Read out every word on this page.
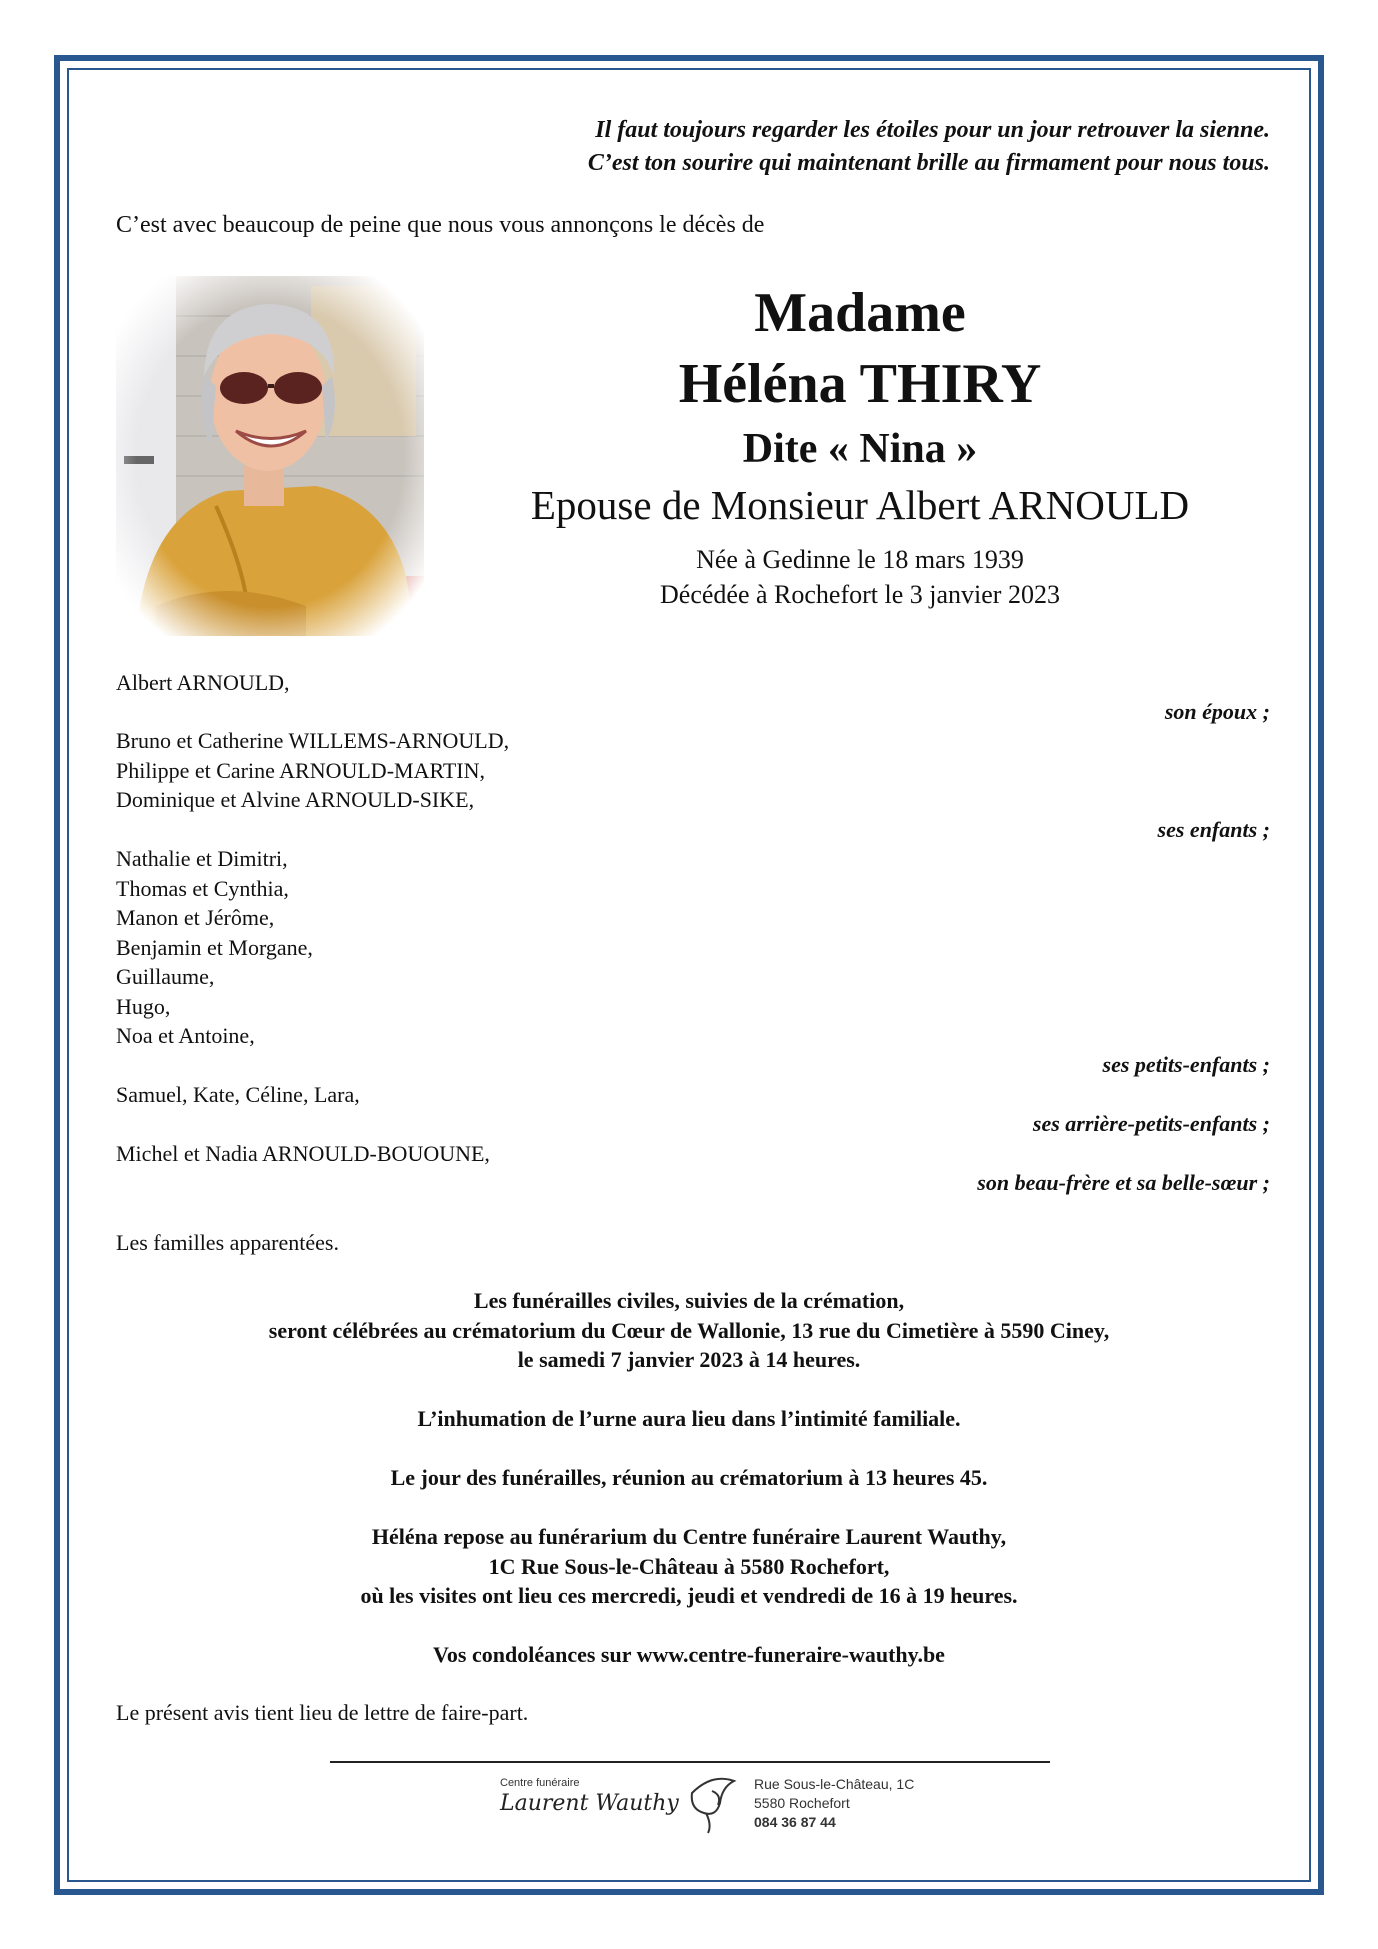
Il faut toujours regarder les étoiles pour un jour retrouver la sienne.
C’est ton sourire qui maintenant brille au firmament pour nous tous.
C’est avec beaucoup de peine que nous vous annonçons le décès de
Madame
Héléna THIRY
Dite « Nina »
Epouse de Monsieur Albert ARNOULD
Née à Gedinne le 18 mars 1939
Décédée à Rochefort le 3 janvier 2023
Albert ARNOULD,
son époux ;
Bruno et Catherine WILLEMS-ARNOULD,
Philippe et Carine ARNOULD-MARTIN,
Dominique et Alvine ARNOULD-SIKE,
ses enfants ;
Nathalie et Dimitri,
Thomas et Cynthia,
Manon et Jérôme,
Benjamin et Morgane,
Guillaume,
Hugo,
Noa et Antoine,
ses petits-enfants ;
Samuel, Kate, Céline, Lara,
ses arrière-petits-enfants ;
Michel et Nadia ARNOULD-BOUOUNE,
son beau-frère et sa belle-sœur ;
Les familles apparentées.
Les funérailles civiles, suivies de la crémation,
seront célébrées au crématorium du Cœur de Wallonie, 13 rue du Cimetière à 5590 Ciney,
le samedi 7 janvier 2023 à 14 heures.
L’inhumation de l’urne aura lieu dans l’intimité familiale.
Le jour des funérailles, réunion au crématorium à 13 heures 45.
Héléna repose au funérarium du Centre funéraire Laurent Wauthy,
1C Rue Sous-le-Château à 5580 Rochefort,
où les visites ont lieu ces mercredi, jeudi et vendredi de 16 à 19 heures.
Vos condoléances sur www.centre-funeraire-wauthy.be
Le présent avis tient lieu de lettre de faire-part.
Centre funéraire
Laurent Wauthy
Rue Sous-le-Château, 1C
5580 Rochefort
084 36 87 44
